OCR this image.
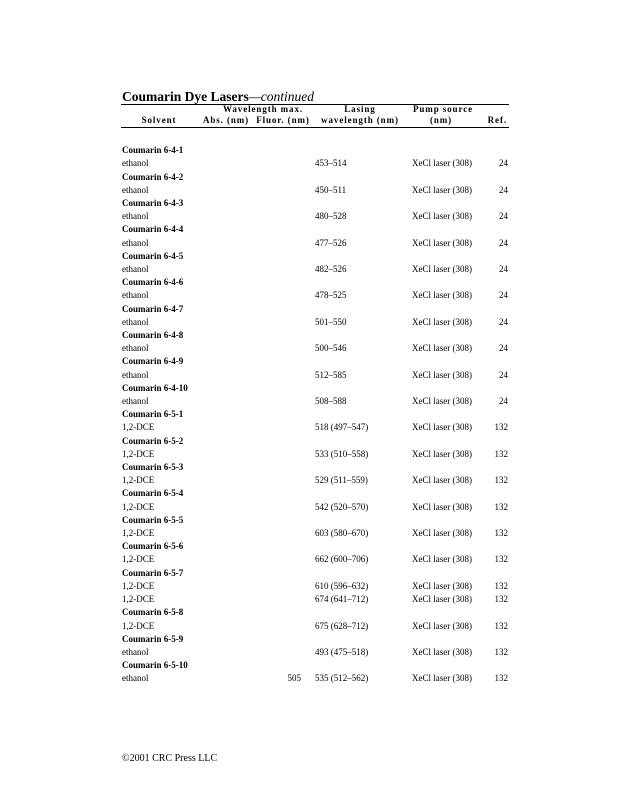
Coumarin Dye Lasers—continued
Wavelength max.	Lasing	Pump source
Solvent	Abs. (nm) Fluor. (nm)	wavelength (nm)	(nm)	Ref.

Coumarin 6-4-1					
ethanol			453–514	XeCl laser (308)	24
Coumarin 6-4-2					
ethanol			450–511	XeCl laser (308)	24
Coumarin 6-4-3					
ethanol			480–528	XeCl laser (308)	24
Coumarin 6-4-4					
ethanol			477–526	XeCl laser (308)	24
Coumarin 6-4-5					
ethanol			482–526	XeCl laser (308)	24
Coumarin 6-4-6					
ethanol			478–525	XeCl laser (308)	24
Coumarin 6-4-7					
ethanol			501–550	XeCl laser (308)	24
Coumarin 6-4-8					
ethanol			500–546	XeCl laser (308)	24
Coumarin 6-4-9					
ethanol			512–585	XeCl laser (308)	24
Coumarin 6-4-10					
ethanol			508–588	XeCl laser (308)	24
Coumarin 6-5-1					
1,2-DCE			518 (497–547)	XeCl laser (308)	132
Coumarin 6-5-2					
1,2-DCE			533 (510–558)	XeCl laser (308)	132
Coumarin 6-5-3					
1,2-DCE			529 (511–559)	XeCl laser (308)	132
Coumarin 6-5-4					
1,2-DCE			542 (520–570)	XeCl laser (308)	132
Coumarin 6-5-5					
1,2-DCE			603 (580–670)	XeCl laser (308)	132
Coumarin 6-5-6					
1,2-DCE			662 (600–706)	XeCl laser (308)	132
Coumarin 6-5-7					
1,2-DCE			610 (596–632)	XeCl laser (308)	132
1,2-DCE			674 (641–712)	XeCl laser (308)	132
Coumarin 6-5-8					
1,2-DCE			675 (628–712)	XeCl laser (308)	132
Coumarin 6-5-9					
ethanol			493 (475–518)	XeCl laser (308)	132
Coumarin 6-5-10					
ethanol		505	535 (512–562)	XeCl laser (308)	132
©2001 CRC Press LLC
